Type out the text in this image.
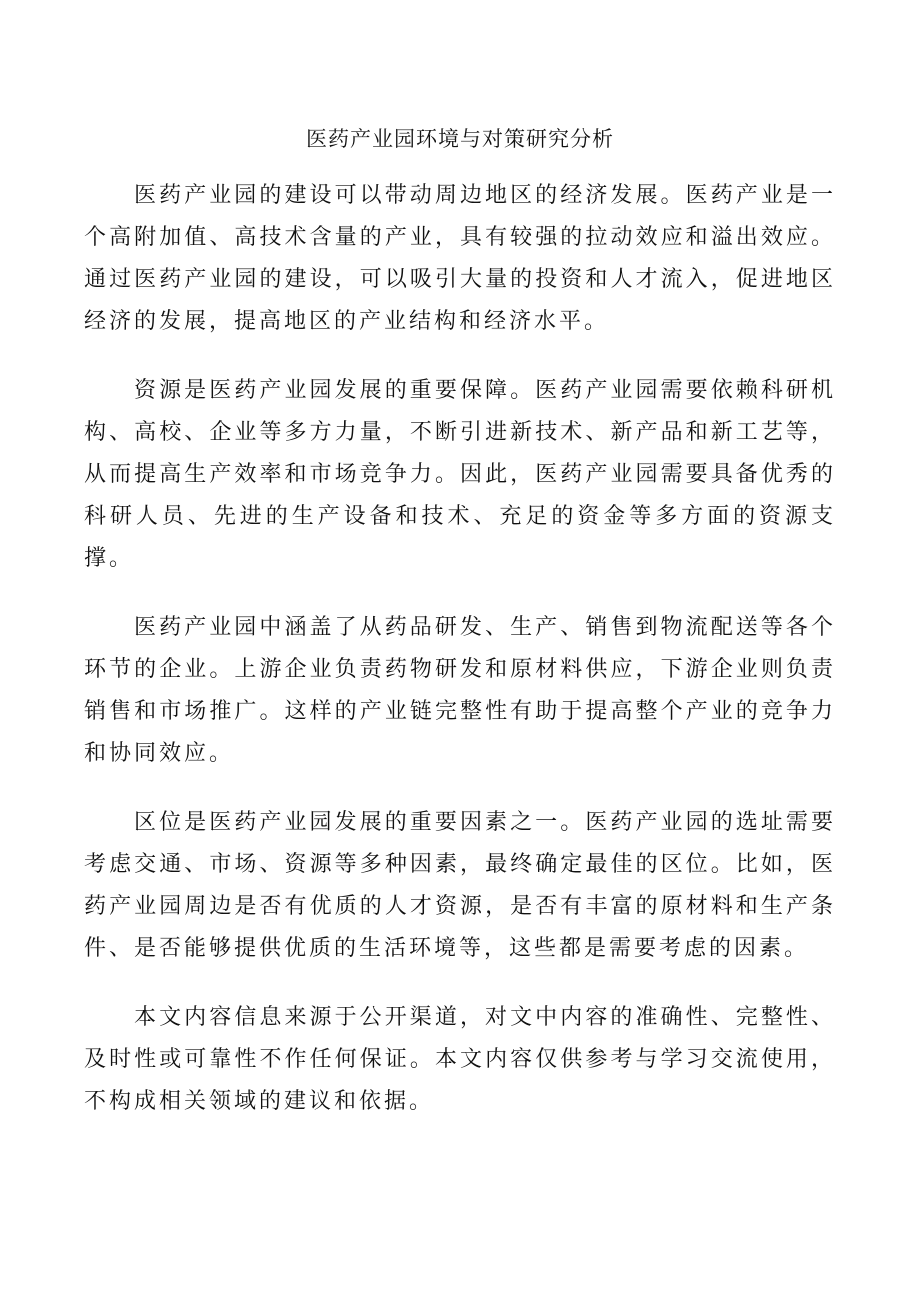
医药产业园环境与对策研究分析

医药产业园的建设可以带动周边地区的经济发展。医药产业是一个高附加值、高技术含量的产业，具有较强的拉动效应和溢出效应。通过医药产业园的建设，可以吸引大量的投资和人才流入，促进地区经济的发展，提高地区的产业结构和经济水平。

资源是医药产业园发展的重要保障。医药产业园需要依赖科研机构、高校、企业等多方力量，不断引进新技术、新产品和新工艺等，从而提高生产效率和市场竞争力。因此，医药产业园需要具备优秀的科研人员、先进的生产设备和技术、充足的资金等多方面的资源支撑。

医药产业园中涵盖了从药品研发、生产、销售到物流配送等各个环节的企业。上游企业负责药物研发和原材料供应，下游企业则负责销售和市场推广。这样的产业链完整性有助于提高整个产业的竞争力和协同效应。

区位是医药产业园发展的重要因素之一。医药产业园的选址需要考虑交通、市场、资源等多种因素，最终确定最佳的区位。比如，医药产业园周边是否有优质的人才资源，是否有丰富的原材料和生产条件、是否能够提供优质的生活环境等，这些都是需要考虑的因素。

本文内容信息来源于公开渠道，对文中内容的准确性、完整性、及时性或可靠性不作任何保证。本文内容仅供参考与学习交流使用，不构成相关领域的建议和依据。
